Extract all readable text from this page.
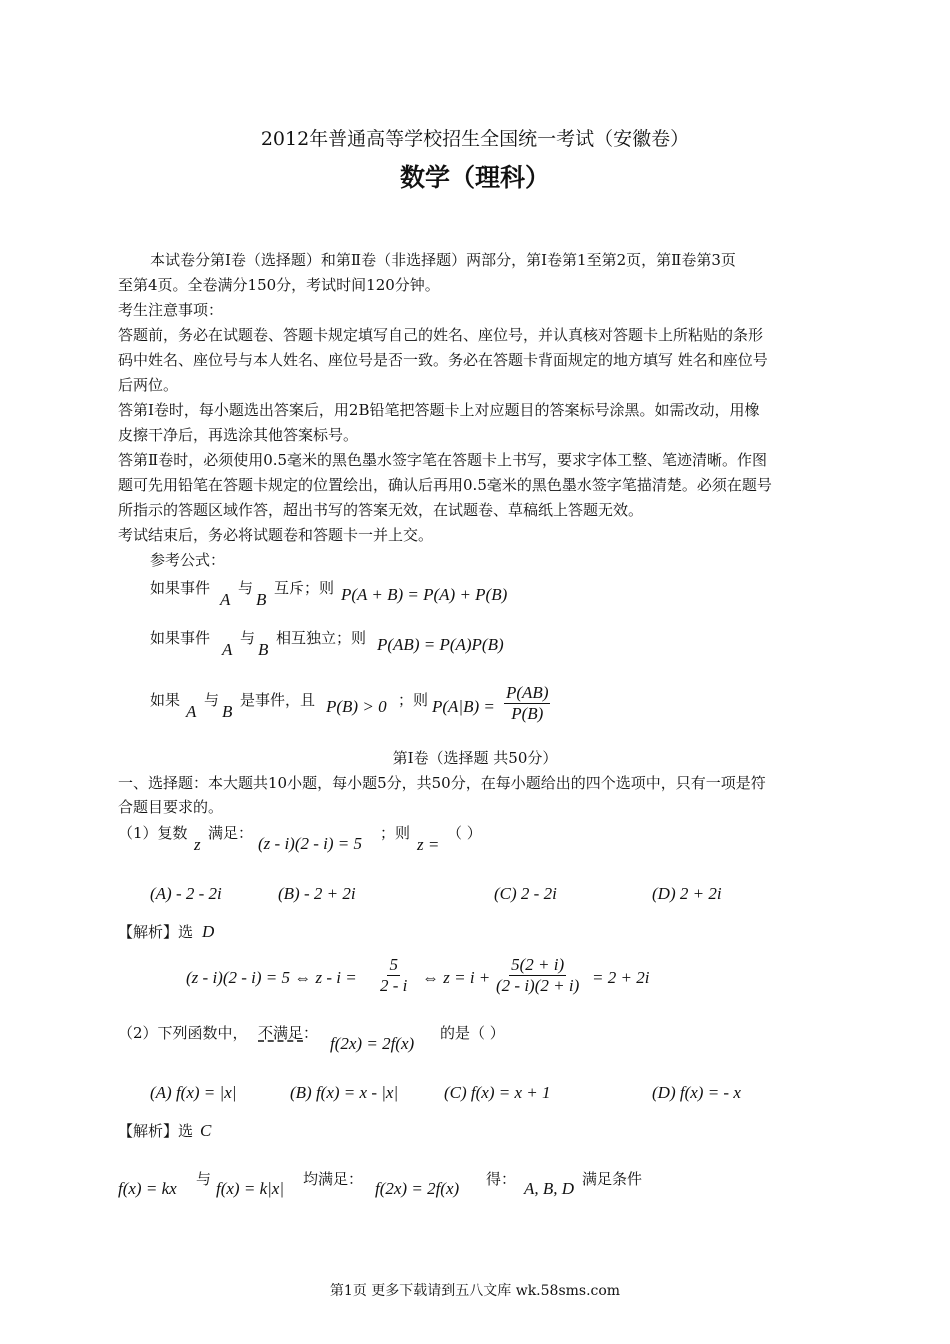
2012年普通高等学校招生全国统一考试（安徽卷）
数学（理科）
本试卷分第Ⅰ卷（选择题）和第Ⅱ卷（非选择题）两部分，第Ⅰ卷第1至第2页，第Ⅱ卷第3页
至第4页。全卷满分150分，考试时间120分钟。
考生注意事项：
答题前，务必在试题卷、答题卡规定填写自己的姓名、座位号，并认真核对答题卡上所粘贴的条形
码中姓名、座位号与本人姓名、座位号是否一致。务必在答题卡背面规定的地方填写 姓名和座位号
后两位。
答第Ⅰ卷时，每小题选出答案后，用2B铅笔把答题卡上对应题目的答案标号涂黑。如需改动，用橡
皮擦干净后，再选涂其他答案标号。
答第Ⅱ卷时，必须使用0.5毫米的黑色墨水签字笔在答题卡上书写，要求字体工整、笔迹清晰。作图
题可先用铅笔在答题卡规定的位置绘出，确认后再用0.5毫米的黑色墨水签字笔描清楚。必须在题号
所指示的答题区域作答，超出书写的答案无效，在试题卷、草稿纸上答题无效。
考试结束后，务必将试题卷和答题卡一并上交。
参考公式：
如果事件
A
与
B
互斥；则 P(A + B) = P(A) + P(B)
如果事件
A
与
B
相互独立；则 P(AB) = P(A)P(B)
如果
A
与
B
是事件，且 P(B) > 0 ；则 $P(A|B) = \frac{P(AB)}{P(B)}$
第Ⅰ卷（选择题 共50分）
一、选择题：本大题共10小题，每小题5分，共50分，在每小题给出的四个选项中，只有一项是符
合题目要求的。
（1）复数
z
满足：
(z - i)(2 - i) = 5
；则
z =
（ ）
(A) - 2 - 2i	(B) - 2 + 2i	(C) 2 - 2i	(D) 2 + 2i
【解析】选 D
(z - i)(2 - i) = 5 ⇔ $z - i = \frac{5}{2 - i}$ ⇔ $z = i + \frac{5(2 + i)}{(2 - i)(2 + i)} = 2 + 2i$
（2）下列函数中， 不满足 ：
f(2x) = 2f(x)
的是（ ）
(A) f(x) = |x|	(B) f(x) = x - |x|	(C) f(x) = x + 1	(D) f(x) = - x
【解析】选 C
f(x) = kx 与 f(x) = k|x| 均满足： f(2x) = 2f(x) 得： A, B, D 满足条件
第1页 更多下载请到五八文库 wk.58sms.com
